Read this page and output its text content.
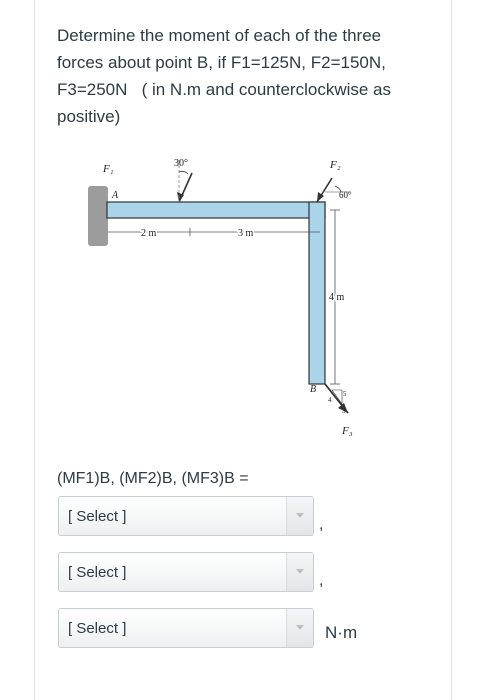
Determine the moment of each of the three
forces about point B, if F1=125N, F2=150N,
F3=250N   ( in N.m and counterclockwise as
positive)
F₁
A
30°	F₂
60°
2 m	3 m
4 m
B
4
5
3
F₃
(MF1)B, (MF2)B, (MF3)B =
[ Select ]	,
[ Select ]	,
[ Select ]	N·m
